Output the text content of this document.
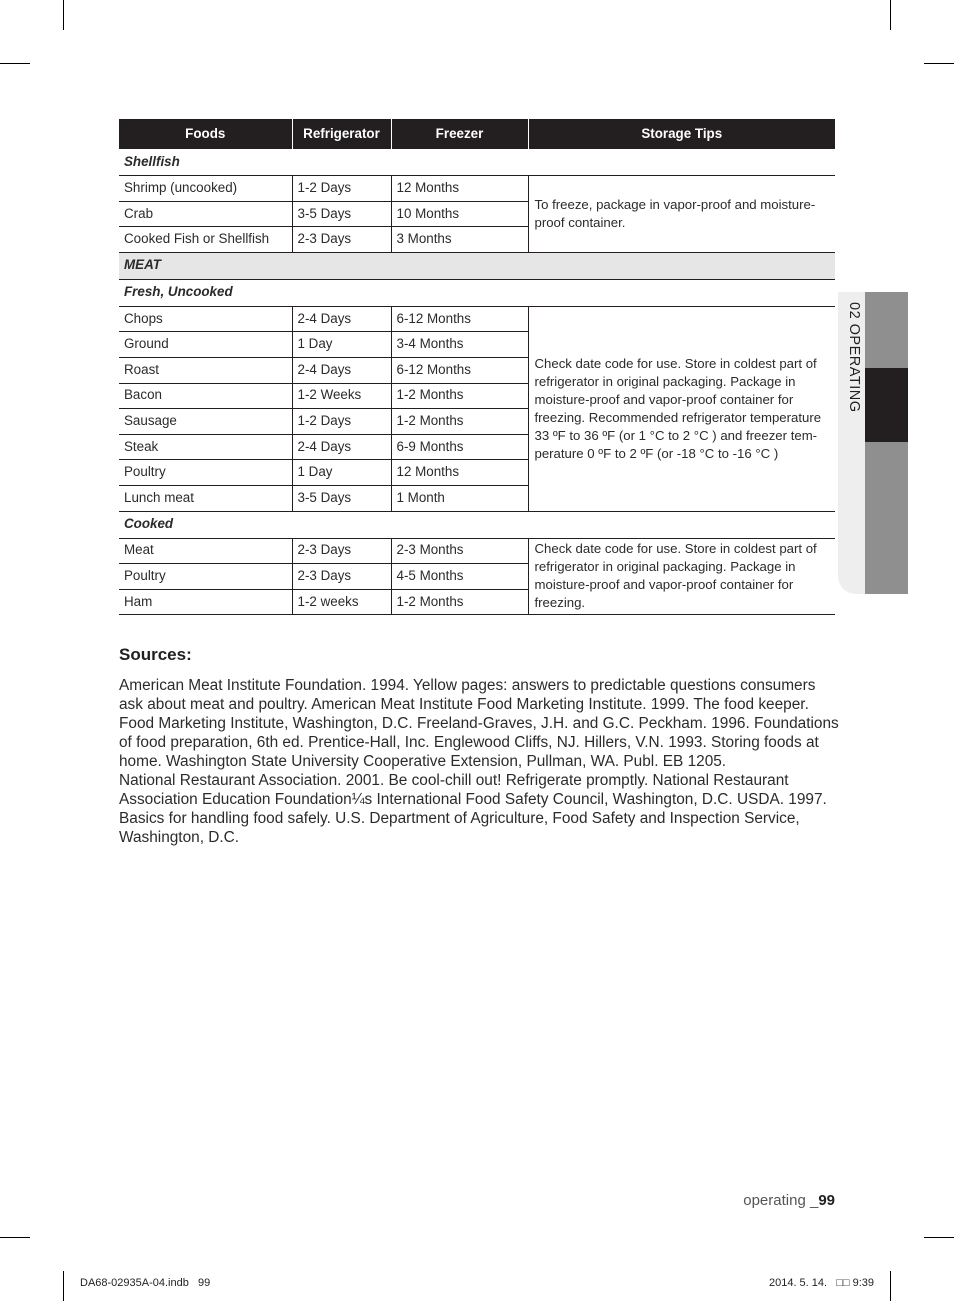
Foods	Refrigerator	Freezer	Storage Tips
Shellfish			
Shrimp (uncooked)	1-2 Days	12 Months	To freeze, package in vapor-proof and moisture-proof container.
Crab	3-5 Days	10 Months	
Cooked Fish or Shellfish	2-3 Days	3 Months	
MEAT			
Fresh, Uncooked			
Chops	2-4 Days	6-12 Months	Check date code for use. Store in coldest part of refrigerator in original packaging. Package in moisture-proof and vapor-proof container for freezing. Recommended refrigerator temperature 33 ºF to 36 ºF (or 1 °C to 2 °C ) and freezer tem-perature 0 ºF to 2 ºF (or -18 °C to -16 °C )
Ground	1 Day	3-4 Months	
Roast	2-4 Days	6-12 Months	
Bacon	1-2 Weeks	1-2 Months	
Sausage	1-2 Days	1-2 Months	
Steak	2-4 Days	6-9 Months	
Poultry	1 Day	12 Months	
Lunch meat	3-5 Days	1 Month	
Cooked			
Meat	2-3 Days	2-3 Months	Check date code for use. Store in coldest part of refrigerator in original packaging. Package in moisture-proof and vapor-proof container for freezing.
Poultry	2-3 Days	4-5 Months	
Ham	1-2 weeks	1-2 Months	
Sources:

American Meat Institute Foundation. 1994. Yellow pages: answers to predictable questions consumers ask about meat and poultry. American Meat Institute Food Marketing Institute. 1999. The food keeper. Food Marketing Institute, Washington, D.C. Freeland-Graves, J.H. and G.C. Peckham. 1996. Foundations of food preparation, 6th ed. Prentice-Hall, Inc. Englewood Cliffs, NJ. Hillers, V.N. 1993. Storing foods at home. Washington State University Cooperative Extension, Pullman, WA. Publ. EB 1205.

National Restaurant Association. 2001. Be cool-chill out! Refrigerate promptly. National Restaurant Association Education Foundation¼s International Food Safety Council, Washington, D.C. USDA. 1997. Basics for handling food safely. U.S. Department of Agriculture, Food Safety and Inspection Service, Washington, D.C.

02 OPERATING
operating _99
DA68-02935A-04.indb   99	2014. 5. 14.   □□ 9:39
